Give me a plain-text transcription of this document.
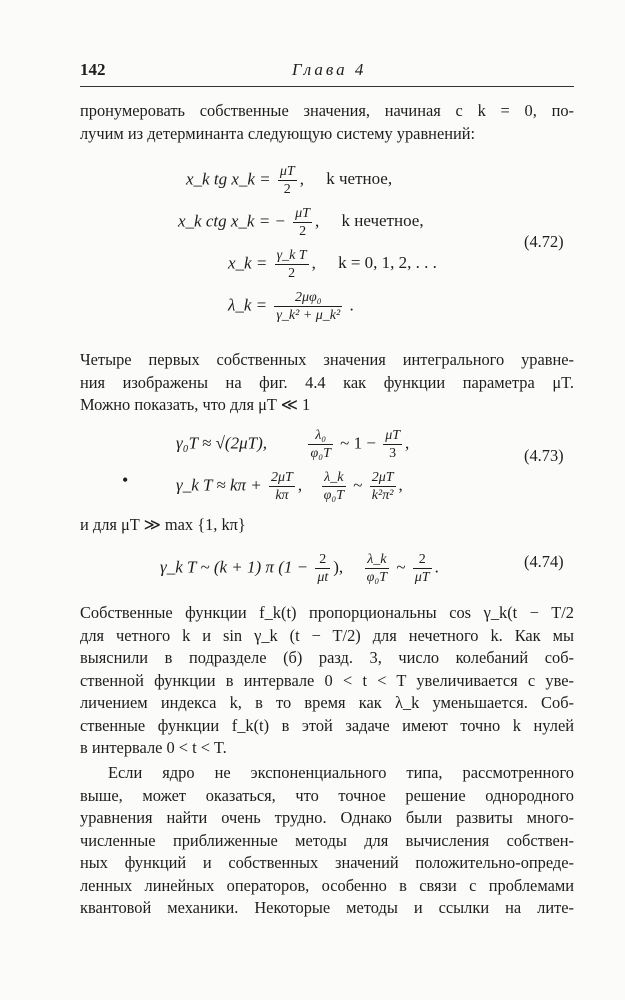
142	Глава 4
пронумеровать собственные значения, начиная с k = 0, по-
лучим из детерминанта следующую систему уравнений:
x_k tg x_k = $\frac{\mu T}{2}$ , k четное,
x_k ctg x_k = − $\frac{\mu T}{2}$ , k нечетное,
x_k = $\frac{\text{γ\_k T}}{2}$ , k = 0, 1, 2, . . .
λ_k = $\frac{\text{2μφ₀}}{\text{γ\_k² + μ\_k²}}$ .
(4.72)
Четыре первых собственных значения интегрального уравне-
ния изображены на фиг. 4.4 как функции параметра μT.
Можно показать, что для μT ≪ 1
γ₀T ≈ √(2μT),	$\frac{\text{λ₀}}{\text{φ₀T}}$ ~ $1 - \frac{\mu T}{3}$ ,
•	γ_k $T \approx k\pi + \frac{2\mu T}{k\pi}$ , $\frac{\lambda\_k}{\text{φ₀T}}$ ~ $\frac{2\mu T}{\text{k²π²}}$ ,
(4.73)
и для μT ≫ max {1, kπ}
γ_k T ~ (k + 1) π ($1 - \frac{2}{\mu t}$ ), $\frac{\lambda\_k}{\text{φ₀T}}$ ~ $\frac{2}{\mu T}$ .	(4.74)
Собственные функции f_k(t) пропорциональны cos γ_k(t − T/2
для четного k и sin γ_k (t − T/2) для нечетного k. Как мы
выяснили в подразделе (б) разд. 3, число колебаний соб-
ственной функции в интервале 0 < t < T увеличивается с уве-
личением индекса k, в то время как λ_k уменьшается. Соб-
ственные функции f_k(t) в этой задаче имеют точно k нулей
в интервале 0 < t < T.
Если ядро не экспоненциального типа, рассмотренного
выше, может оказаться, что точное решение однородного
уравнения найти очень трудно. Однако были развиты много-
численные приближенные методы для вычисления собствен-
ных функций и собственных значений положительно-опреде-
ленных линейных операторов, особенно в связи с проблемами
квантовой механики. Некоторые методы и ссылки на лите-
